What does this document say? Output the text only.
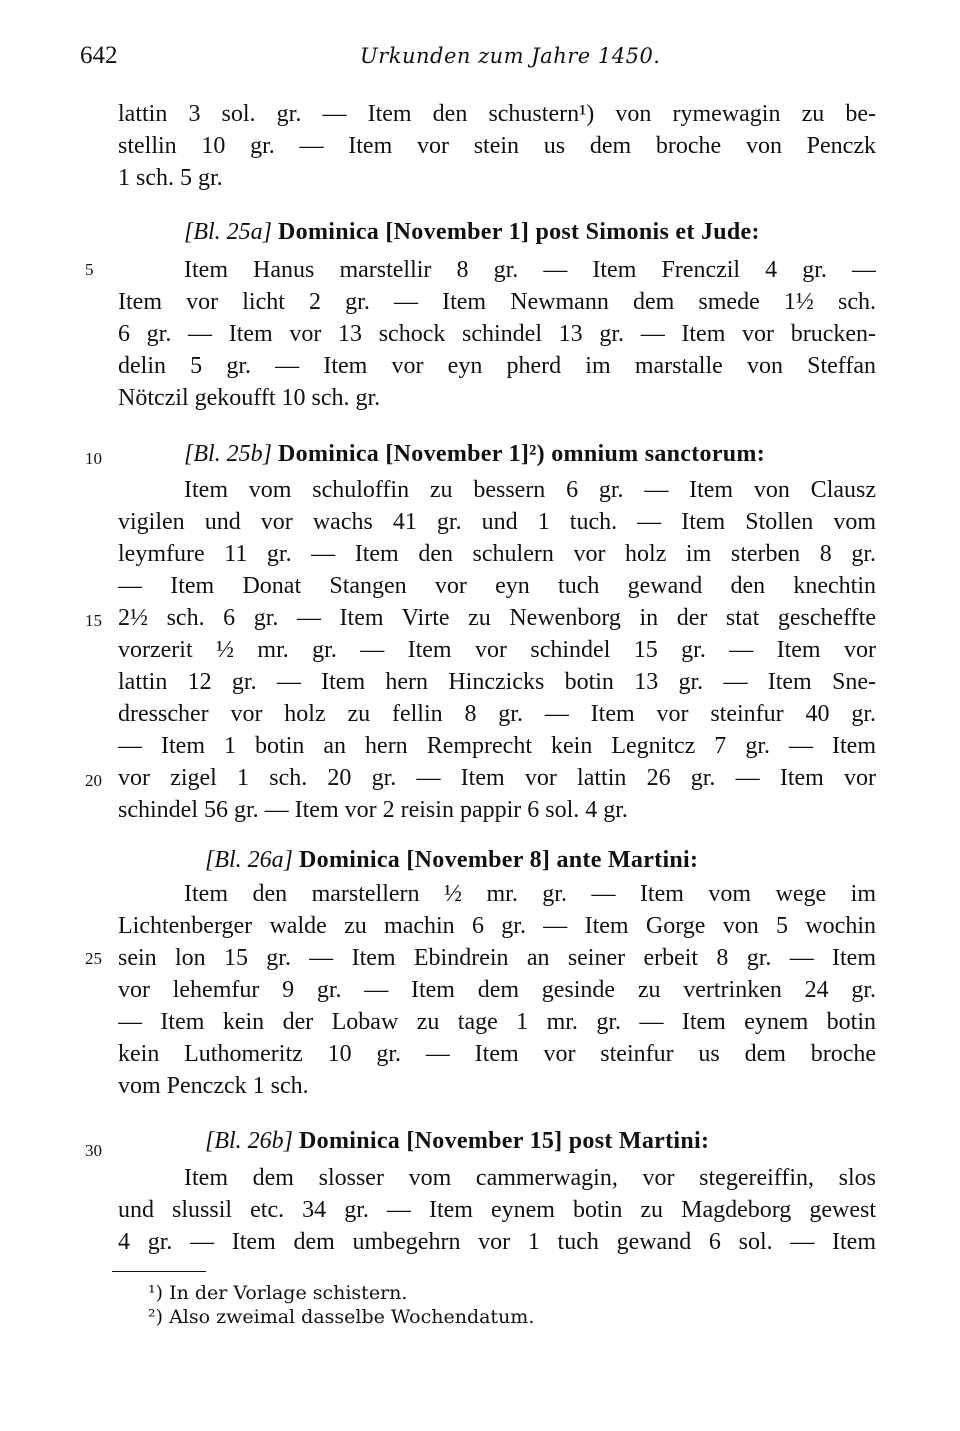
642	Urkunden zum Jahre 1450.
lattin 3 sol. gr. — Item den schustern¹) von rymewagin zu be-
stellin 10 gr. — Item vor stein us dem broche von Penczk
1 sch. 5 gr.
[Bl. 25a] Dominica [November 1] post Simonis et Jude:
Item Hanus marstellir 8 gr. — Item Frenczil 4 gr. —
Item vor licht 2 gr. — Item Newmann dem smede 1½ sch.
6 gr. — Item vor 13 schock schindel 13 gr. — Item vor brucken-
delin 5 gr. — Item vor eyn pherd im marstalle von Steffan
Nötczil gekoufft 10 sch. gr.
[Bl. 25b] Dominica [November 1]²) omnium sanctorum:
Item vom schuloffin zu bessern 6 gr. — Item von Clausz
vigilen und vor wachs 41 gr. und 1 tuch. — Item Stollen vom
leymfure 11 gr. — Item den schulern vor holz im sterben 8 gr.
— Item Donat Stangen vor eyn tuch gewand den knechtin
2½ sch. 6 gr. — Item Virte zu Newenborg in der stat gescheffte
vorzerit ½ mr. gr. — Item vor schindel 15 gr. — Item vor
lattin 12 gr. — Item hern Hinczicks botin 13 gr. — Item Sne-
dresscher vor holz zu fellin 8 gr. — Item vor steinfur 40 gr.
— Item 1 botin an hern Remprecht kein Legnitcz 7 gr. — Item
vor zigel 1 sch. 20 gr. — Item vor lattin 26 gr. — Item vor
schindel 56 gr. — Item vor 2 reisin pappir 6 sol. 4 gr.
[Bl. 26a] Dominica [November 8] ante Martini:
Item den marstellern ½ mr. gr. — Item vom wege im
Lichtenberger walde zu machin 6 gr. — Item Gorge von 5 wochin
sein lon 15 gr. — Item Ebindrein an seiner erbeit 8 gr. — Item
vor lehemfur 9 gr. — Item dem gesinde zu vertrinken 24 gr.
— Item kein der Lobaw zu tage 1 mr. gr. — Item eynem botin
kein Luthomeritz 10 gr. — Item vor steinfur us dem broche
vom Penczck 1 sch.
[Bl. 26b] Dominica [November 15] post Martini:
Item dem slosser vom cammerwagin, vor stegereiffin, slos
und slussil etc. 34 gr. — Item eynem botin zu Magdeborg gewest
4 gr. — Item dem umbegehrn vor 1 tuch gewand 6 sol. — Item
5
10
15
20
25
30
¹) In der Vorlage schistern.
²) Also zweimal dasselbe Wochendatum.
